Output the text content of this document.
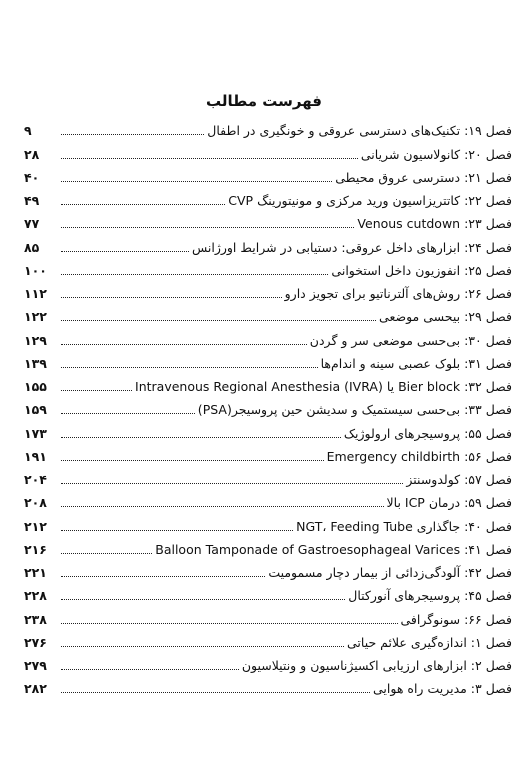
فهرست مطالب
فصل ۱۹: تکنیک‌های دسترسی عروقی و خونگیری در اطفال
۹
فصل ۲۰: کانولاسیون شریانی
۲۸
فصل ۲۱: دسترسی عروق محیطی
۴۰
فصل ۲۲: کاتتریزاسیون ورید مرکزی و مونیتورینگ CVP
۴۹
فصل ۲۳: Venous cutdown
۷۷
فصل ۲۴: ابزارهای داخل عروقی: دستیابی در شرایط اورژانس
۸۵
فصل ۲۵: انفوزیون داخل استخوانی
۱۰۰
فصل ۲۶: روش‌های آلترناتیو برای تجویز دارو
۱۱۲
فصل ۲۹: بیحسی موضعی
۱۲۲
فصل ۳۰: بی‌حسی موضعی سر و گردن
۱۲۹
فصل ۳۱: بلوک عصبی سینه و اندام‌ها
۱۳۹
فصل ۳۲: Bier block یا Intravenous Regional Anesthesia (IVRA)
۱۵۵
فصل ۳۳: بی‌حسی سیستمیک و سدیشن حین پروسیجر(PSA)
۱۵۹
فصل ۵۵: پروسیجرهای ارولوژیک
۱۷۳
فصل ۵۶: Emergency childbirth
۱۹۱
فصل ۵۷: کولدوسنتز
۲۰۴
فصل ۵۹: درمان ICP بالا
۲۰۸
فصل ۴۰: جاگذاری NGT، Feeding Tube
۲۱۲
فصل ۴۱: Balloon Tamponade of Gastroesophageal Varices
۲۱۶
فصل ۴۲: آلودگی‌زدائی از بیمار دچار مسمومیت
۲۲۱
فصل ۴۵: پروسیجرهای آنورکتال
۲۲۸
فصل ۶۶: سونوگرافی
۲۳۸
فصل ۱: اندازه‌گیری علائم حیاتی
۲۷۶
فصل ۲: ابزارهای ارزیابی اکسیژناسیون و ونتیلاسیون
۲۷۹
فصل ۳: مدیریت راه هوایی
۲۸۲
